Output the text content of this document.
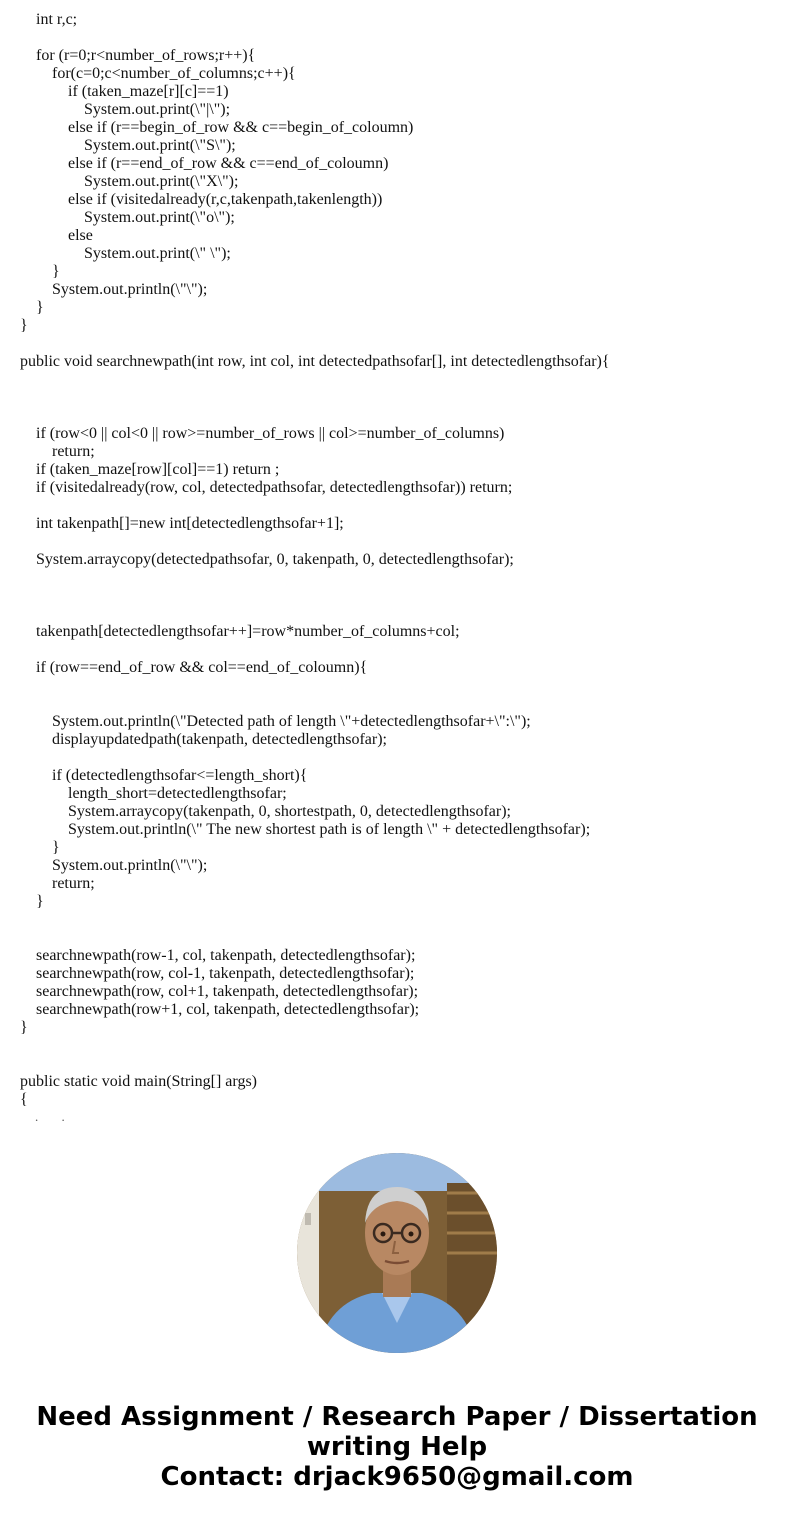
int r,c;
for (r=0;r<number_of_rows;r++){
for(c=0;c<number_of_columns;c++){
if (taken_maze[r][c]==1)
System.out.print(\"|\");
else if (r==begin_of_row && c==begin_of_coloumn)
System.out.print(\"S\");
else if (r==end_of_row && c==end_of_coloumn)
System.out.print(\"X\");
else if (visitedalready(r,c,takenpath,takenlength))
System.out.print(\"o\");
else
System.out.print(\" \");
}
System.out.println(\"\");
}
}
public void searchnewpath(int row, int col, int detectedpathsofar[], int detectedlengthsofar){
if (row<0 || col<0 || row>=number_of_rows || col>=number_of_columns)
return;
if (taken_maze[row][col]==1) return ;
if (visitedalready(row, col, detectedpathsofar, detectedlengthsofar)) return;
int takenpath[]=new int[detectedlengthsofar+1];
System.arraycopy(detectedpathsofar, 0, takenpath, 0, detectedlengthsofar);
takenpath[detectedlengthsofar++]=row*number_of_columns+col;
if (row==end_of_row && col==end_of_coloumn){
System.out.println(\"Detected path of length \"+detectedlengthsofar+\":\");
displayupdatedpath(takenpath, detectedlengthsofar);
if (detectedlengthsofar<=length_short){
length_short=detectedlengthsofar;
System.arraycopy(takenpath, 0, shortestpath, 0, detectedlengthsofar);
System.out.println(\" The new shortest path is of length \" + detectedlengthsofar);
}
System.out.println(\"\");
return;
}
searchnewpath(row-1, col, takenpath, detectedlengthsofar);
searchnewpath(row, col-1, takenpath, detectedlengthsofar);
searchnewpath(row, col+1, takenpath, detectedlengthsofar);
searchnewpath(row+1, col, takenpath, detectedlengthsofar);
}
public static void main(String[] args)
{
. .
Need Assignment / Research Paper / Dissertation
writing Help
Contact: drjack9650@gmail.com
